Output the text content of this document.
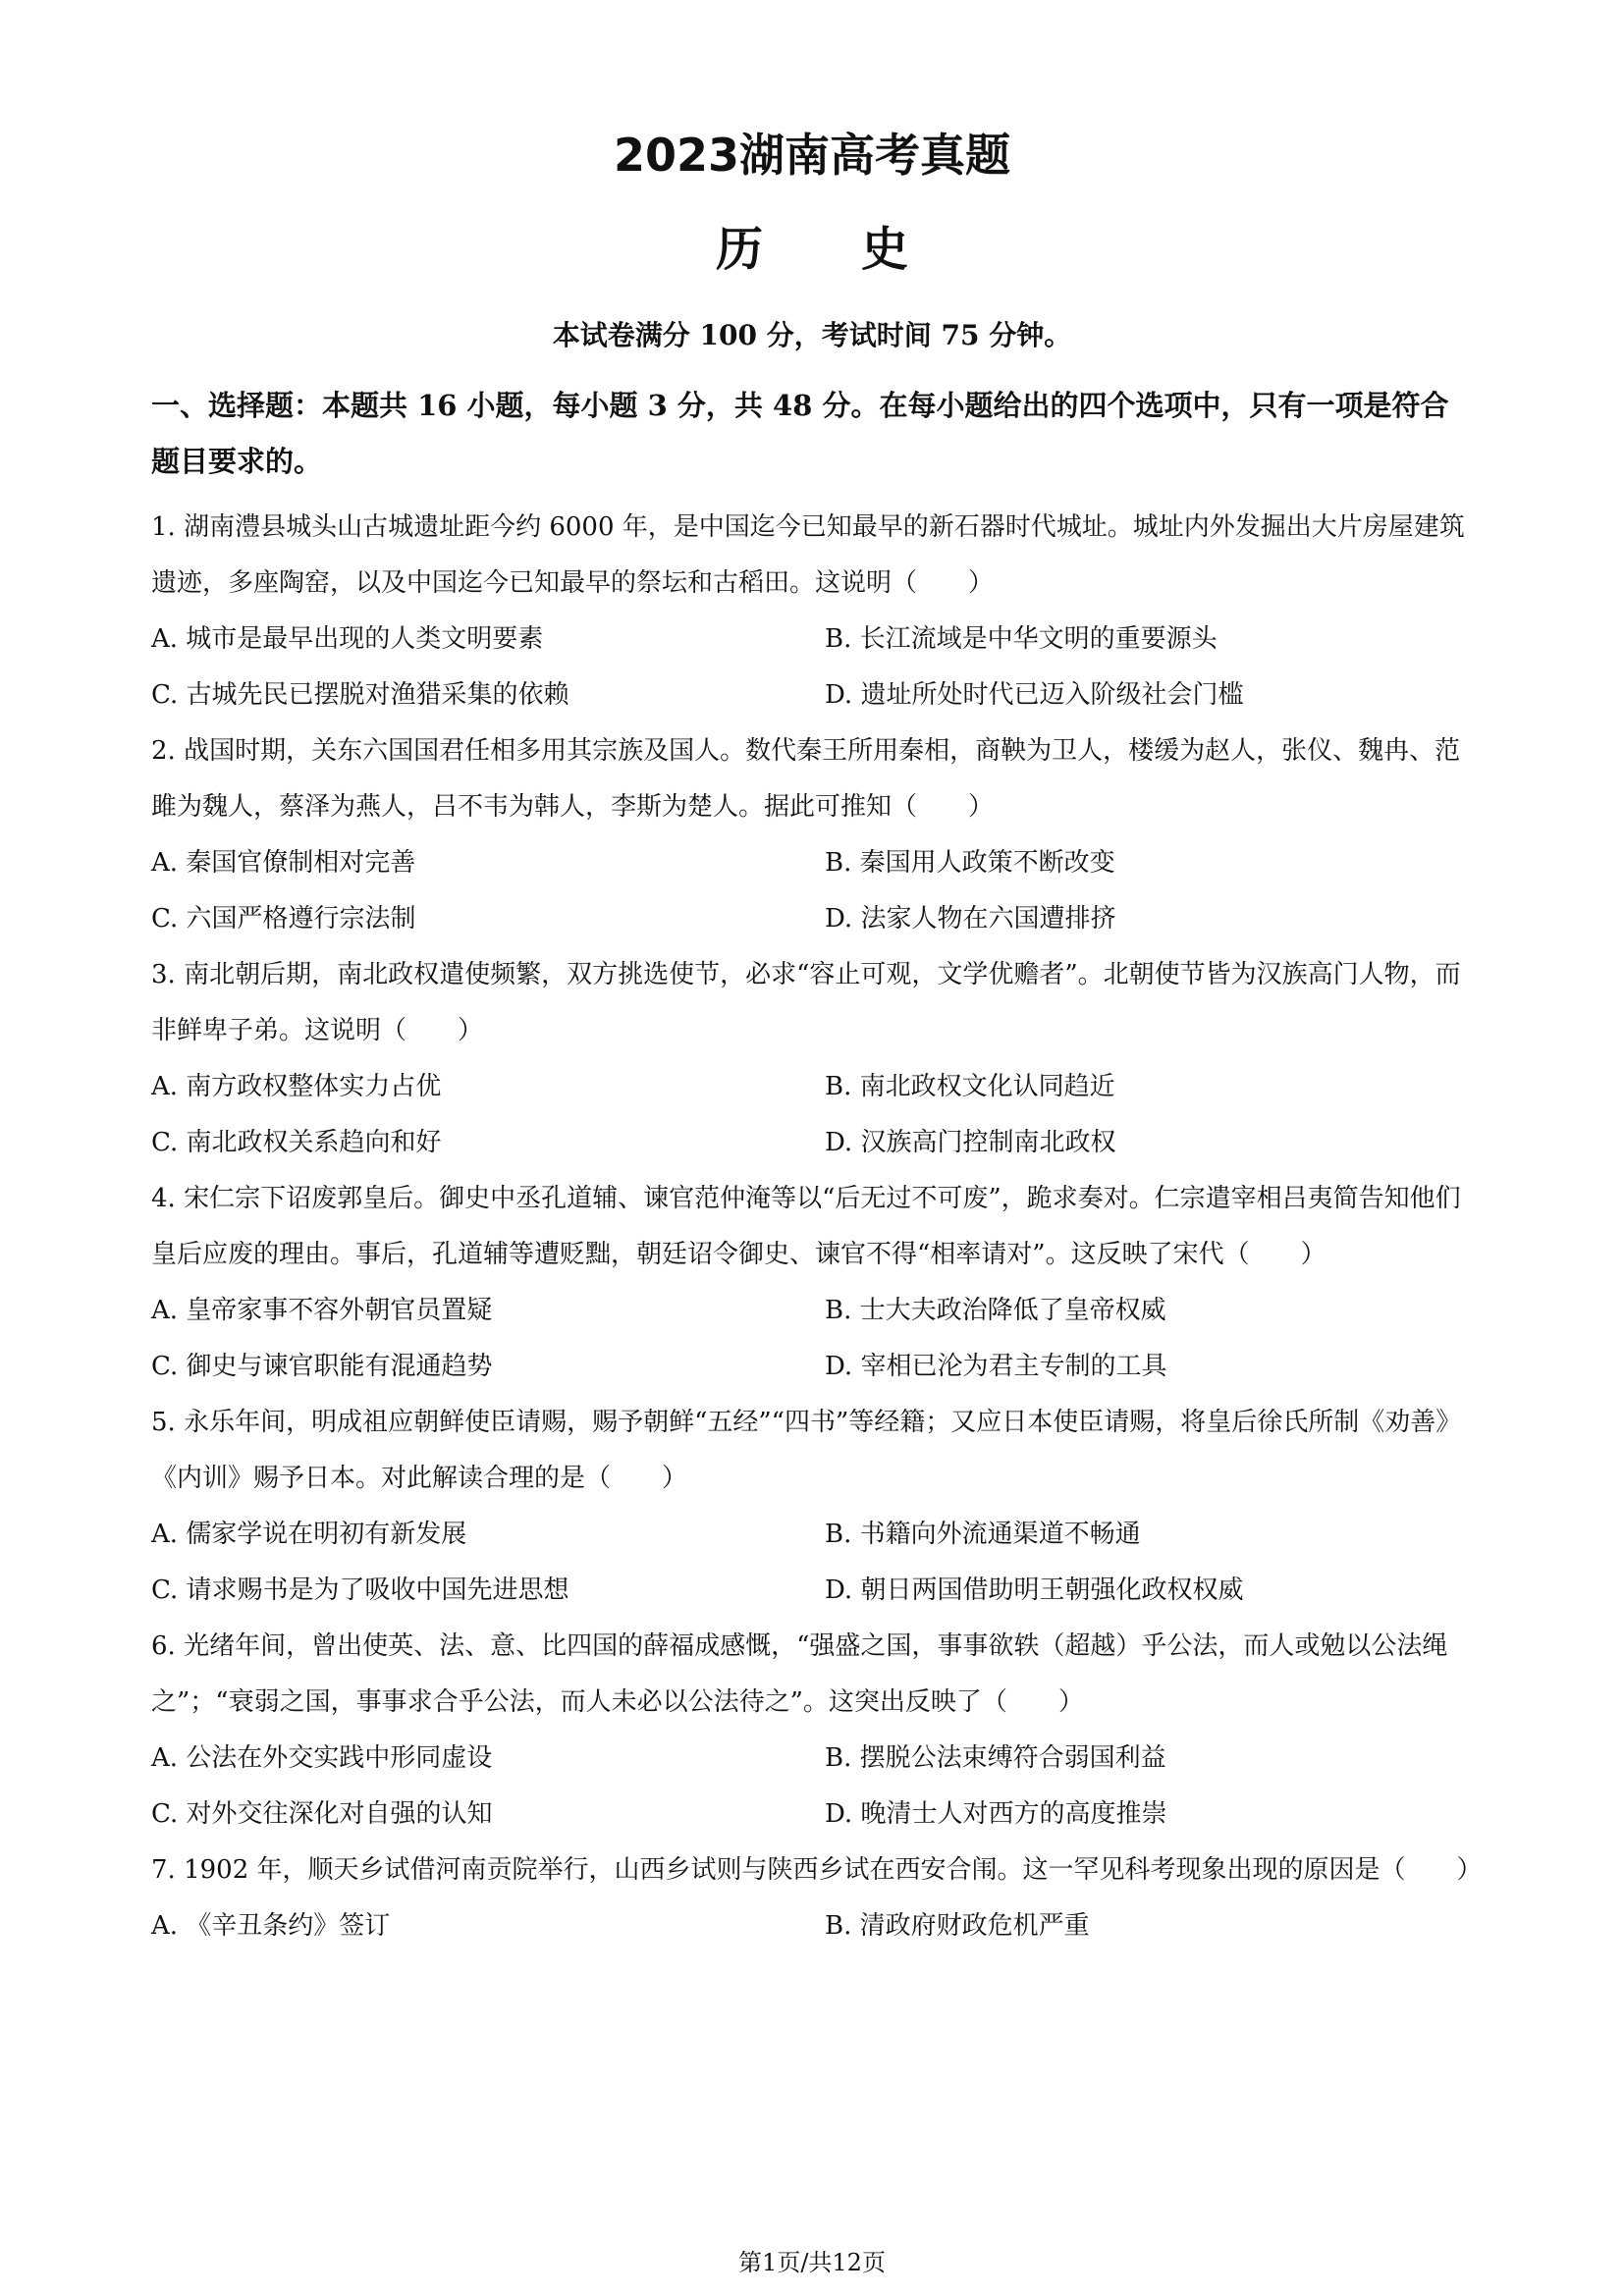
2023湖南高考真题
历史
本试卷满分 100 分，考试时间 75 分钟。
一、选择题：本题共 16 小题，每小题 3 分，共 48 分。在每小题给出的四个选项中，只有一项是符合题目要求的。

1. 湖南澧县城头山古城遗址距今约 6000 年，是中国迄今已知最早的新石器时代城址。城址内外发掘出大片房屋建筑遗迹，多座陶窑，以及中国迄今已知最早的祭坛和古稻田。这说明（　　）

A. 城市是最早出现的人类文明要素	B. 长江流域是中华文明的重要源头
C. 古城先民已摆脱对渔猎采集的依赖	D. 遗址所处时代已迈入阶级社会门槛

2. 战国时期，关东六国国君任相多用其宗族及国人。数代秦王所用秦相，商鞅为卫人，楼缓为赵人，张仪、魏冉、范雎为魏人，蔡泽为燕人，吕不韦为韩人，李斯为楚人。据此可推知（　　）

A. 秦国官僚制相对完善	B. 秦国用人政策不断改变
C. 六国严格遵行宗法制	D. 法家人物在六国遭排挤

3. 南北朝后期，南北政权遣使频繁，双方挑选使节，必求“容止可观，文学优赡者”。北朝使节皆为汉族高门人物，而非鲜卑子弟。这说明（　　）

A. 南方政权整体实力占优	B. 南北政权文化认同趋近
C. 南北政权关系趋向和好	D. 汉族高门控制南北政权

4. 宋仁宗下诏废郭皇后。御史中丞孔道辅、谏官范仲淹等以“后无过不可废”，跪求奏对。仁宗遣宰相吕夷简告知他们皇后应废的理由。事后，孔道辅等遭贬黜，朝廷诏令御史、谏官不得“相率请对”。这反映了宋代（　　）

A. 皇帝家事不容外朝官员置疑	B. 士大夫政治降低了皇帝权威
C. 御史与谏官职能有混通趋势	D. 宰相已沦为君主专制的工具

5. 永乐年间，明成祖应朝鲜使臣请赐，赐予朝鲜“五经”“四书”等经籍；又应日本使臣请赐，将皇后徐氏所制《劝善》《内训》赐予日本。对此解读合理的是（　　）

A. 儒家学说在明初有新发展	B. 书籍向外流通渠道不畅通
C. 请求赐书是为了吸收中国先进思想	D. 朝日两国借助明王朝强化政权权威

6. 光绪年间，曾出使英、法、意、比四国的薛福成感慨，“强盛之国，事事欲轶（超越）乎公法，而人或勉以公法绳之”；“衰弱之国，事事求合乎公法，而人未必以公法待之”。这突出反映了（　　）

A. 公法在外交实践中形同虚设	B. 摆脱公法束缚符合弱国利益
C. 对外交往深化对自强的认知	D. 晚清士人对西方的高度推崇

7. 1902 年，顺天乡试借河南贡院举行，山西乡试则与陕西乡试在西安合闱。这一罕见科考现象出现的原因是（　　）

A. 《辛丑条约》签订	B. 清政府财政危机严重
第1页/共12页
